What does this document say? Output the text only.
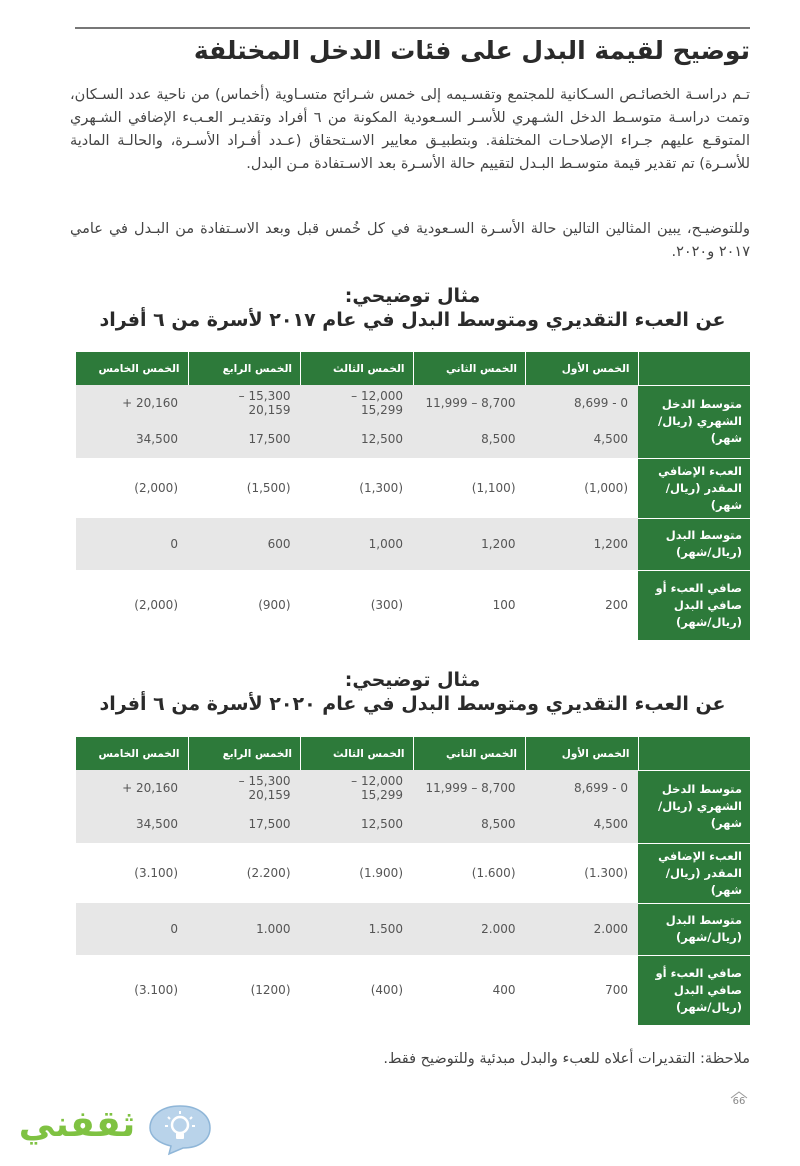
توضيح لقيمة البدل على فئات الدخل المختلفة

تـم دراسـة الخصائـص السـكانية للمجتمع وتقسـيمه إلى خمس شـرائح متسـاوية (أخماس) من ناحية عدد السـكان، وتمت دراسـة متوسـط الدخل الشـهري للأسـر السـعودية المكونة من ٦ أفراد وتقديـر العـبء الإضافي الشـهري المتوقـع عليهم جـراء الإصلاحـات المختلفة. وبتطبيـق معايير الاسـتحقاق (عـدد أفـراد الأسـرة، والحالـة المادية للأسـرة) تم تقدير قيمة متوسـط البـدل لتقييم حالة الأسـرة بعد الاسـتفادة مـن البدل.

وللتوضيـح، يبين المثالين التالين حالة الأسـرة السـعودية في كل خُمس قبل وبعد الاسـتفادة من البـدل في عامي ٢٠١٧ و٢٠٢٠.

مثال توضيحي:
عن العبء التقديري ومتوسط البدل في عام ٢٠١٧ لأسرة من ٦ أفراد
	الخمس الأول	الخمس الثاني	الخمس الثالث	الخمس الرابع	الخمس الخامس
متوسط الدخل الشهري (ريال/ شهر)	0 - 8,699	8,700 – 11,999	12,000 – 15,299	15,300 – 20,159	20,160 +
	4,500	8,500	12,500	17,500	34,500
العبء الإضافي المقدر (ريال/شهر)	(1,000)	(1,100)	(1,300)	(1,500)	(2,000)
متوسط البدل (ريال/شهر)	1,200	1,200	1,000	600	0
صافي العبء أو صافي البدل (ريال/شهر)	200	100	(300)	(900)	(2,000)
مثال توضيحي:
عن العبء التقديري ومتوسط البدل في عام ٢٠٢٠ لأسرة من ٦ أفراد
	الخمس الأول	الخمس الثاني	الخمس الثالث	الخمس الرابع	الخمس الخامس
متوسط الدخل الشهري (ريال/ شهر)	0 - 8,699	8,700 – 11,999	12,000 – 15,299	15,300 – 20,159	20,160 +
	4,500	8,500	12,500	17,500	34,500
العبء الإضافي المقدر (ريال/شهر)	(1.300)	(1.600)	(1.900)	(2.200)	(3.100)
متوسط البدل (ريال/شهر)	2.000	2.000	1.500	1.000	0
صافي العبء أو صافي البدل (ريال/شهر)	700	400	(400)	(1200)	(3.100)

ملاحظة: التقديرات أعلاه للعبء والبدل مبدئية وللتوضيح فقط.

66
ثقفني
